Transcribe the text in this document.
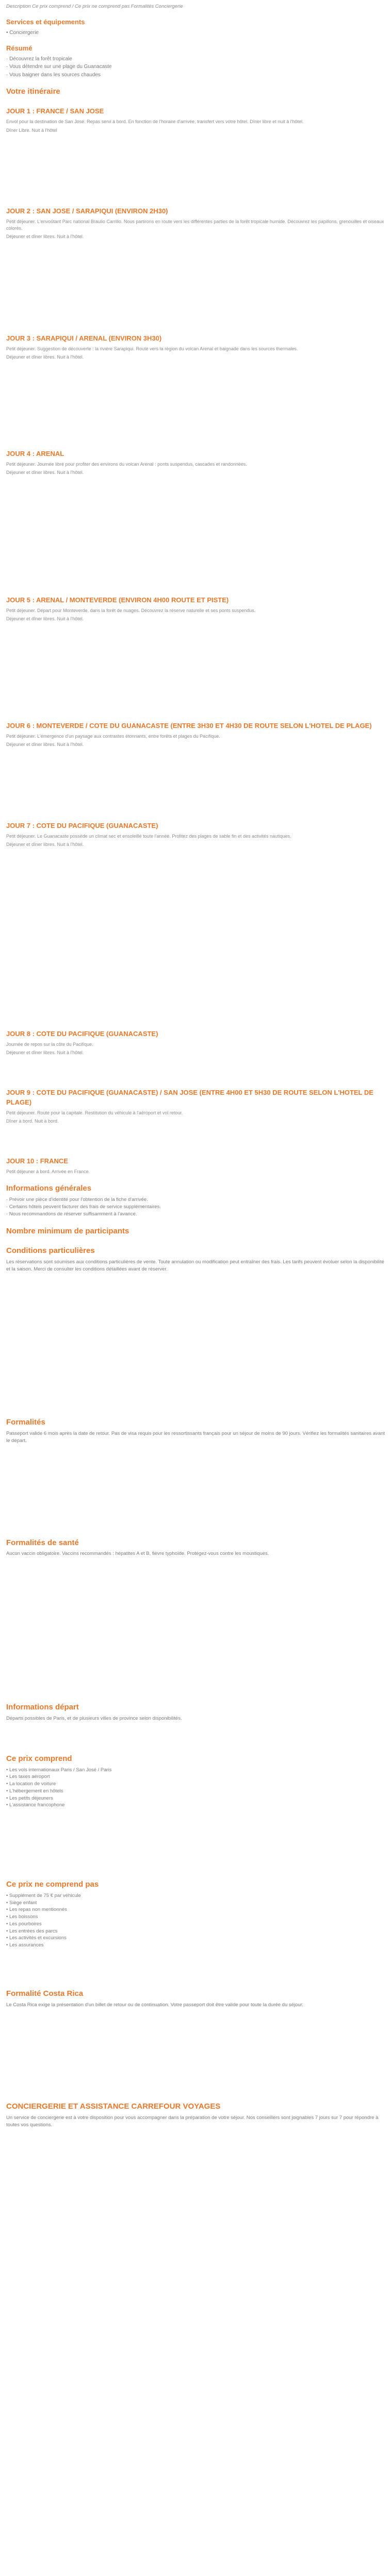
Description Ce prix comprend / Ce prix ne comprend pas Formalités Conciergerie
Services et équipements
• Conciergerie
Résumé
· Découvrez la forêt tropicale
· Vous détendre sur une plage du Guanacaste
· Vous baigner dans les sources chaudes
Votre itinéraire
JOUR 1 : FRANCE / SAN JOSE

Envol pour la destination de San José. Repas servi à bord. En fonction de l'horaire d'arrivée, transfert vers votre hôtel. Dîner libre et nuit à l'hôtel.

Dîner Libre. Nuit à l'hôtel

JOUR 2 : SAN JOSE / SARAPIQUI (ENVIRON 2H30)

Petit déjeuner. L'envoûtant Parc national Braulio Carrillo. Nous partirons en route vers les différentes parties de la forêt tropicale humide. Découvrez les papillons, grenouilles et oiseaux colorés.

Déjeuner et dîner libres. Nuit à l'hôtel.

JOUR 3 : SARAPIQUI / ARENAL (ENVIRON 3H30)

Petit déjeuner. Suggestion de découverte : la rivière Sarapiqui. Route vers la région du volcan Arenal et baignade dans les sources thermales.

Déjeuner et dîner libres. Nuit à l'hôtel.

JOUR 4 : ARENAL

Petit déjeuner. Journée libre pour profiter des environs du volcan Arenal : ponts suspendus, cascades et randonnées.

Déjeuner et dîner libres. Nuit à l'hôtel.

JOUR 5 : ARENAL / MONTEVERDE (ENVIRON 4H00 ROUTE ET PISTE)

Petit déjeuner. Départ pour Monteverde, dans la forêt de nuages. Découvrez la réserve naturelle et ses ponts suspendus.

Déjeuner et dîner libres. Nuit à l'hôtel.

JOUR 6 : MONTEVERDE / COTE DU GUANACASTE (ENTRE 3H30 ET 4H30 DE ROUTE SELON L'HOTEL DE PLAGE)

Petit déjeuner. L'émergence d'un paysage aux contrastes étonnants, entre forêts et plages du Pacifique.

Déjeuner et dîner libres. Nuit à l'hôtel.

JOUR 7 : COTE DU PACIFIQUE (GUANACASTE)

Petit déjeuner. Le Guanacaste possède un climat sec et ensoleillé toute l'année. Profitez des plages de sable fin et des activités nautiques.

Déjeuner et dîner libres. Nuit à l'hôtel.

JOUR 8 : COTE DU PACIFIQUE (GUANACASTE)

Journée de repos sur la côte du Pacifique.

Déjeuner et dîner libres. Nuit à l'hôtel.

JOUR 9 : COTE DU PACIFIQUE (GUANACASTE) / SAN JOSE (ENTRE 4H00 ET 5H30 DE ROUTE SELON L'HOTEL DE PLAGE)

Petit déjeuner. Route pour la capitale. Restitution du véhicule à l'aéroport et vol retour.

Dîner à bord. Nuit à bord.

JOUR 10 : FRANCE

Petit déjeuner à bord. Arrivée en France.

Informations générales
· Prévoir une pièce d'identité pour l'obtention de la fiche d'arrivée.
· Certains hôtels peuvent facturer des frais de service supplémentaires.
· Nous recommandons de réserver suffisamment à l'avance.
Nombre minimum de participants
Conditions particulières

Les réservations sont soumises aux conditions particulières de vente. Toute annulation ou modification peut entraîner des frais. Les tarifs peuvent évoluer selon la disponibilité et la saison. Merci de consulter les conditions détaillées avant de réserver.

Formalités

Passeport valide 6 mois après la date de retour. Pas de visa requis pour les ressortissants français pour un séjour de moins de 90 jours. Vérifiez les formalités sanitaires avant le départ.

Formalités de santé

Aucun vaccin obligatoire. Vaccins recommandés : hépatites A et B, fièvre typhoïde. Protégez-vous contre les moustiques.

Informations départ

Départs possibles de Paris, et de plusieurs villes de province selon disponibilités.

Ce prix comprend
• Les vols internationaux Paris / San José / Paris
• Les taxes aéroport
• La location de voiture
• L'hébergement en hôtels
• Les petits déjeuners
• L'assistance francophone
Ce prix ne comprend pas
• Supplément de 75 € par véhicule
• Siège enfant
• Les repas non mentionnés
• Les boissons
• Les pourboires
• Les entrées des parcs
• Les activités et excursions
• Les assurances
Formalité Costa Rica

Le Costa Rica exige la présentation d'un billet de retour ou de continuation. Votre passeport doit être valide pour toute la durée du séjour.

CONCIERGERIE ET ASSISTANCE CARREFOUR VOYAGES

Un service de conciergerie est à votre disposition pour vous accompagner dans la préparation de votre séjour. Nos conseillers sont joignables 7 jours sur 7 pour répondre à toutes vos questions.
